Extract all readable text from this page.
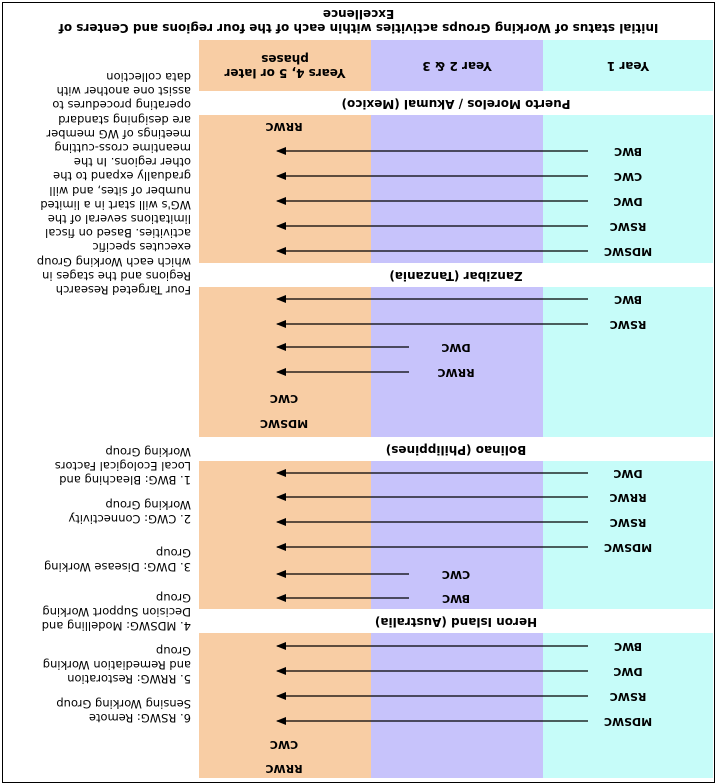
Initial status of Working Groups activities within each of the four regions and Centers of
Excellence
Year 1
Year 2 & 3
Years 4, 5 or later
phases
Puerto Morelos / Akumal (Mexico)
Zanzibar (Tanzania)
Bolinao (Philippines)
Heron Island (Australia)
BWC
CWC
DWC
RSWC
MDSWC
RRWC
BWC
RSWC
DWC
RRWC
CWC
MDSWC
DWC
RRWC
RSWC
MDSWC
CWC
BWC
BWC
DWC
RSWC
MDSWC
CWC
RRWC
Four Targeted Research
Regions and the stages in
which each Working Group
executes specific
activities. Based on fiscal
limitations several of the
WG's will start in a limited
number of sites, and will
gradually expand to the
other regions. In the
meantime cross-cutting
meetings of WG member
are designing standard
operating procedures to
assist one another with
data collection
1. BWG: Bleaching and
Local Ecological Factors
Working Group
2. CWG: Connectivity
Working Group
3. DWG: Disease Working
Group
4. MDSWG: Modelling and
Decision Support Working
Group
5. RRWG: Restoration
and Remediation Working
Group
6. RSWG: Remote
Sensing Working Group
